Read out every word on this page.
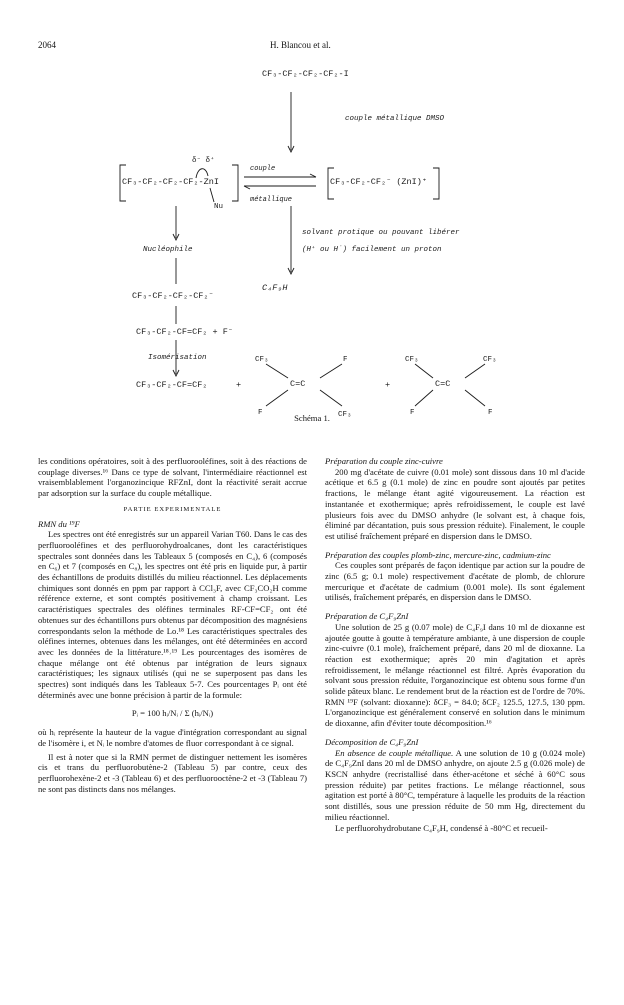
2064	H. Blancou et al.
CF₃-CF₂-CF₂-CF₂-I
couple métallique DMSO
δ⁻ δ⁺
CF₃-CF₂-CF₂-CF₂-ZnI
Nu
couple
métallique
CF₃-CF₂-CF₂⁻ (ZnI)⁺
solvant protique ou pouvant libérer
(H⁺ ou H˙) facilement un proton
Nucléophile
C₄F₉H
CF₃-CF₂-CF₂-CF₂⁻
CF₃-CF₂-CF=CF₂ + F⁻
Isomérisation
CF₃-CF₂-CF=CF₂	+	+
C=C
CF₃	F
F	CF₃
C=C
CF₃	CF₃
F	F
Schéma 1.

les conditions opératoires, soit à des perfluorooléfines, soit à des réactions de couplage diverses.¹⁶ Dans ce type de solvant, l'intermédiaire réactionnel est vraisemblablement l'organozincique RFZnI, dont la réactivité serait accrue par adsorption sur la surface du couple métallique.

PARTIE EXPERIMENTALE

RMN du ¹⁹F

Les spectres ont été enregistrés sur un appareil Varian T60. Dans le cas des perfluorooléfines et des perfluorohydroalcanes, dont les caractéristiques spectrales sont données dans les Tableaux 5 (composés en C₄), 6 (composés en C₆) et 7 (composés en C₈), les spectres ont été pris en liquide pur, à partir des échantillons de produits distillés du milieu réactionnel. Les déplacements chimiques sont donnés en ppm par rapport à CCl₃F, avec CF₃CO₂H comme référence externe, et sont comptés positivement à champ croissant. Les caractéristiques spectrales des oléfines terminales RF-CF=CF₂ ont été obtenues sur des échantillons purs obtenus par décomposition des magnésiens correspondants selon la méthode de Lo.¹⁸ Les caractéristiques spectrales des oléfines internes, obtenues dans les mélanges, ont été déterminées en accord avec les données de la littérature.¹⁸˒¹⁹ Les pourcentages des isomères de chaque mélange ont été obtenus par intégration de leurs signaux caractéristiques; les signaux utilisés (qui ne se superposent pas dans les spectres) sont indiqués dans les Tableaux 5-7. Ces pourcentages Pᵢ ont été déterminés avec une bonne précision à partir de la formule:

Pᵢ = 100 hᵢ/Nᵢ / Σ (hᵢ/Nᵢ)

où hᵢ représente la hauteur de la vague d'intégration correspondant au signal de l'isomère i, et Nᵢ le nombre d'atomes de fluor correspondant à ce signal.

Il est à noter que si la RMN permet de distinguer nettement les isomères cis et trans du perfluorobutène-2 (Tableau 5) par contre, ceux des perfluorohexène-2 et -3 (Tableau 6) et des perfluorooctène-2 et -3 (Tableau 7) ne sont pas distincts dans nos mélanges.

Préparation du couple zinc-cuivre

200 mg d'acétate de cuivre (0.01 mole) sont dissous dans 10 ml d'acide acétique et 6.5 g (0.1 mole) de zinc en poudre sont ajoutés par petites fractions, le mélange étant agité vigoureusement. La réaction est instantanée et exothermique; après refroidissement, le couple est lavé plusieurs fois avec du DMSO anhydre (le solvant est, à chaque fois, éliminé par décantation, puis sous pression réduite). Finalement, le couple est utilisé fraîchement préparé en dispersion dans le DMSO.

Préparation des couples plomb-zinc, mercure-zinc, cadmium-zinc

Ces couples sont préparés de façon identique par action sur la poudre de zinc (6.5 g; 0.1 mole) respectivement d'acétate de plomb, de chlorure mercurique et d'acétate de cadmium (0.001 mole). Ils sont également utilisés, fraîchement préparés, en dispersion dans le DMSO.

Préparation de C₄F₉ZnI

Une solution de 25 g (0.07 mole) de C₄F₉I dans 10 ml de dioxanne est ajoutée goutte à goutte à température ambiante, à une dispersion de couple zinc-cuivre (0.1 mole), fraîchement préparé, dans 20 ml de dioxanne. La réaction est exothermique; après 20 min d'agitation et après refroidissement, le mélange réactionnel est filtré. Après évaporation du solvant sous pression réduite, l'organozincique est obtenu sous forme d'un solide pâteux blanc. Le rendement brut de la réaction est de l'ordre de 70%. RMN ¹⁹F (solvant: dioxanne): δCF₃ = 84.0; δCF₂ 125.5, 127.5, 130 ppm. L'organozincique est généralement conservé en solution dans le minimum de dioxanne, afin d'éviter toute décomposition.¹⁶

Décomposition de C₄F₉ZnI

En absence de couple métallique. A une solution de 10 g (0.024 mole) de C₄F₉ZnI dans 20 ml de DMSO anhydre, on ajoute 2.5 g (0.026 mole) de KSCN anhydre (recristallisé dans éther-acétone et séché à 60°C sous pression réduite) par petites fractions. Le mélange réactionnel, sous agitation est porté à 80°C, température à laquelle les produits de la réaction sont distillés, sous une pression réduite de 50 mm Hg, directement du milieu réactionnel.

Le perfluorohydrobutane C₄F₉H, condensé à -80°C et recueil-
